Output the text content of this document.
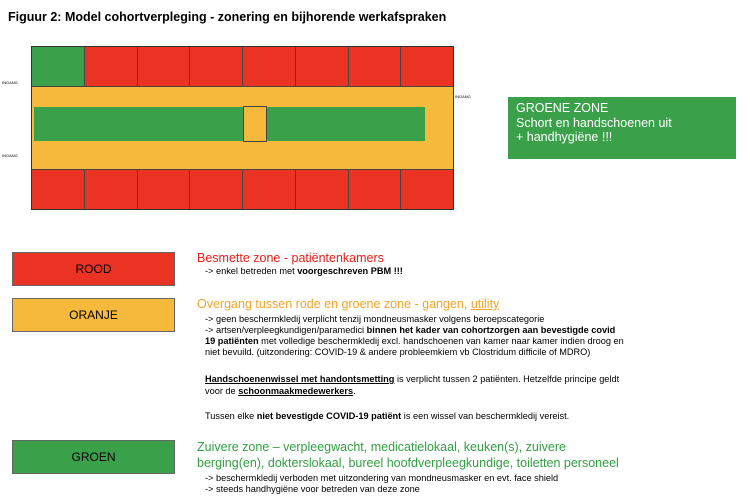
Figuur 2: Model cohortverpleging - zonering en bijhorende werkafspraken
INGANG
INGANG
INGANG
GROENE ZONE
Schort en handschoenen uit
+ handhygiëne !!!
ROOD
Besmette zone - patiëntenkamers
-> enkel betreden met voorgeschreven PBM !!!
ORANJE
Overgang tussen rode en groene zone - gangen, utility
-> geen beschermkledij verplicht tenzij mondneusmasker volgens beroepscategorie
-> artsen/verpleegkundigen/paramedici binnen het kader van cohortzorgen aan bevestigde covid
19 patiënten met volledige beschermkledij excl. handschoenen van kamer naar kamer indien droog en
niet bevuild. (uitzondering: COVID-19 & andere probleemkiem vb Clostridum difficile of MDRO)
Handschoenenwissel met handontsmetting is verplicht tussen 2 patiënten. Hetzelfde principe geldt
voor de schoonmaakmedewerkers.
Tussen elke niet bevestigde COVID-19 patiënt is een wissel van beschermkledij vereist.
GROEN
Zuivere zone – verpleegwacht, medicatielokaal, keuken(s), zuivere
berging(en), dokterslokaal, bureel hoofdverpleegkundige, toiletten personeel
-> beschermkledij verboden met uitzondering van mondneusmasker en evt. face shield
-> steeds handhygiëne voor betreden van deze zone
